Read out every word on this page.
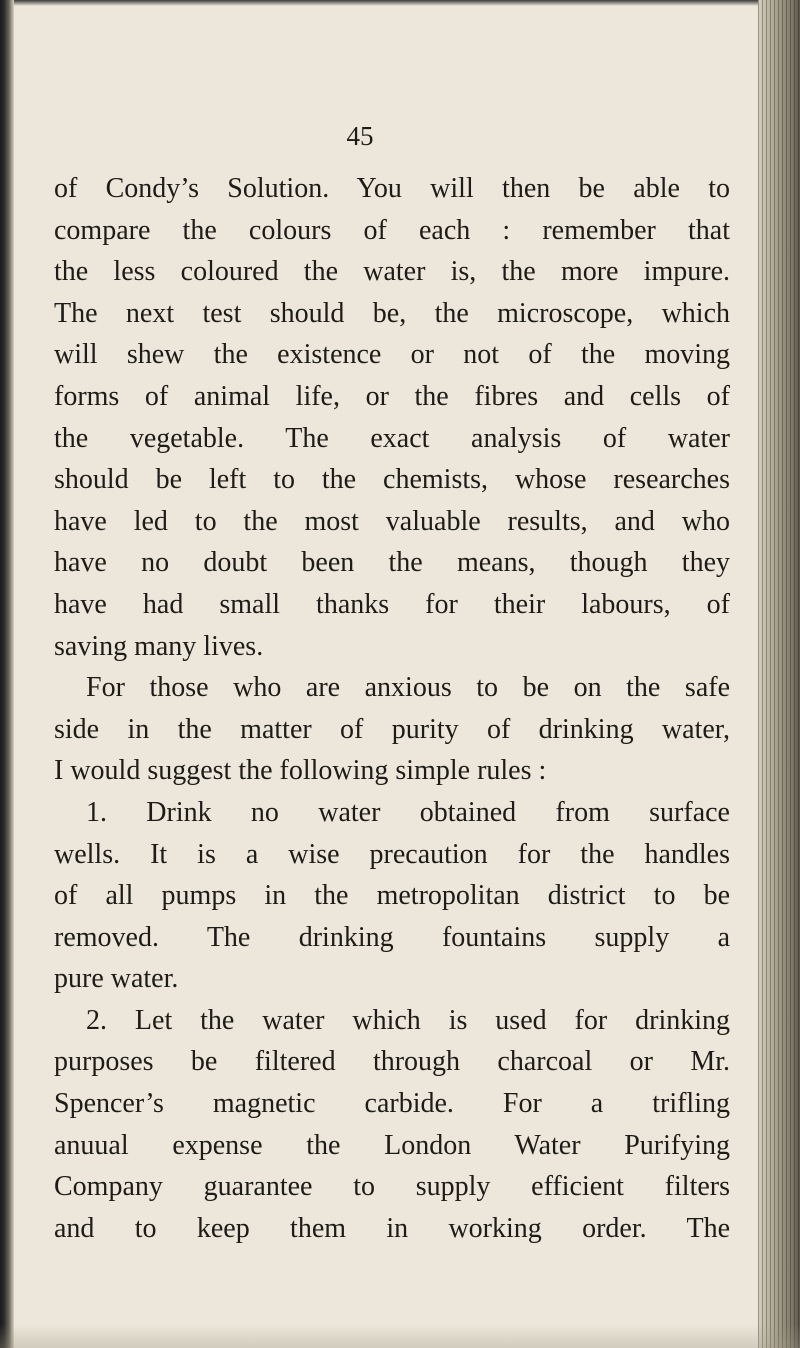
45
of Condy’s Solution. You will then be able to
compare the colours of each : remember that
the less coloured the water is, the more impure.
The next test should be, the microscope, which
will shew the existence or not of the moving
forms of animal life, or the fibres and cells of
the vegetable. The exact analysis of water
should be left to the chemists, whose researches
have led to the most valuable results, and who
have no doubt been the means, though they
have had small thanks for their labours, of
saving many lives.
For those who are anxious to be on the safe
side in the matter of purity of drinking water,
I would suggest the following simple rules :
1. Drink no water obtained from surface
wells. It is a wise precaution for the handles
of all pumps in the metropolitan district to be
removed. The drinking fountains supply a
pure water.
2. Let the water which is used for drinking
purposes be filtered through charcoal or Mr.
Spencer’s magnetic carbide. For a trifling
anuual expense the London Water Purifying
Company guarantee to supply efficient filters
and to keep them in working order. The
